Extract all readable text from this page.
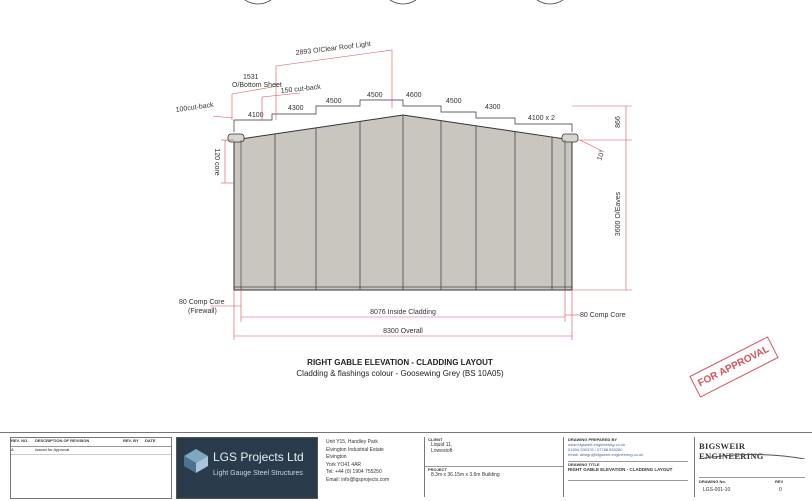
4100
4300
4500
4500	4600
4500
4300
4100 x 2
2893 O/Clear Roof Light
1531
O/Bottom Sheet
150 cut-back
100cut-back
120 core
866
10°
3600 O/Eaves
80 Comp Core
(Firewall)	8076 Inside Cladding	80 Comp Core
8300 Overall
RIGHT GABLE ELEVATION - CLADDING LAYOUT
Cladding & flashings colour - Goosewing Grey (BS 10A05)	FOR APPROVAL
REV. NO.	DESCRIPTION OF REVISION	REV. BY	DATE
A	Issued for Approval
LGS Projects Ltd
Light Gauge Steel Structures
Unit Y15, Handley Park
Elvington Industrial Estate
Elvington
York YO41 4AR
Tel: +44 (0) 1904 755250
Email: info@lgsprojects.com
CLIENT
Liquid 11,
Lowestoft
PROJECT
8.3m x 36.15m x 3.6m Building
DRAWING PREPARED BY
www.bigsweir-engineering.co.uk
01594 530376 / 07788 845280
email: design@bigsweir-engineering.co.uk
DRAWING TITLE
RIGHT GABLE ELEVATION - CLADDING LAYOUT
BIGSWEIR ENGINEERING
DRAWING No.
LGS-001-10
REV
0
